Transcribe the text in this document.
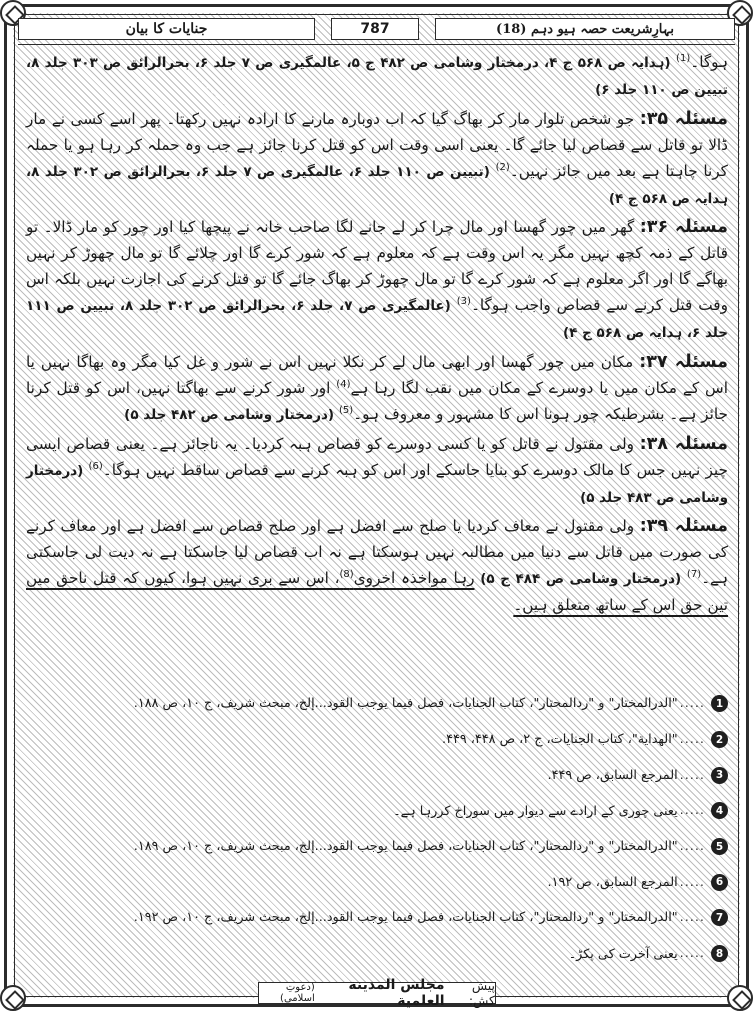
بہارِشریعت حصہ ہیو دہم (18)
787
جنایات کا بیان

ہوگا۔$^{(1)}$ (ہدایہ ص ۵۶۸ ج ۴، درمختار وشامی ص ۴۸۲ ج ۵، عالمگیری ص ۷ جلد ۶، بحرالرائق ص ۳۰۳ جلد ۸، تبیین ص ۱۱۰ جلد ۶)

مسئلہ ۳۵: جو شخص تلوار مار کر بھاگ گیا کہ اب دوبارہ مارنے کا ارادہ نہیں رکھتا۔ پھر اسے کسی نے مار ڈالا تو قاتل سے قصاص لیا جائے گا۔ یعنی اسی وقت اس کو قتل کرنا جائز ہے جب وہ حملہ کر رہا ہو یا حملہ کرنا چاہتا ہے بعد میں جائز نہیں۔$^{(2)}$ (تبیین ص ۱۱۰ جلد ۶، عالمگیری ص ۷ جلد ۶، بحرالرائق ص ۳۰۲ جلد ۸، ہدایہ ص ۵۶۸ ج ۴)

مسئلہ ۳۶: گھر میں چور گھسا اور مال چرا کر لے جانے لگا صاحب خانہ نے پیچھا کیا اور چور کو مار ڈالا۔ تو قاتل کے ذمہ کچھ نہیں مگر یہ اس وقت ہے کہ معلوم ہے کہ شور کرے گا اور چلائے گا تو مال چھوڑ کر نہیں بھاگے گا اور اگر معلوم ہے کہ شور کرے گا تو مال چھوڑ کر بھاگ جائے گا تو قتل کرنے کی اجازت نہیں بلکہ اس وقت قتل کرنے سے قصاص واجب ہوگا۔$^{(3)}$ (عالمگیری ص ۷، جلد ۶، بحرالرائق ص ۳۰۲ جلد ۸، تبیین ص ۱۱۱ جلد ۶، ہدایہ ص ۵۶۸ ج ۴)

مسئلہ ۳۷: مکان میں چور گھسا اور ابھی مال لے کر نکلا نہیں اس نے شور و غل کیا مگر وہ بھاگا نہیں یا اس کے مکان میں یا دوسرے کے مکان میں نقب لگا رہا ہے$^{(4)}$ اور شور کرنے سے بھاگتا نہیں، اس کو قتل کرنا جائز ہے۔ بشرطیکہ چور ہونا اس کا مشہور و معروف ہو۔$^{(5)}$ (درمختار وشامی ص ۴۸۲ جلد ۵)

مسئلہ ۳۸: ولی مقتول نے قاتل کو یا کسی دوسرے کو قصاص ہبہ کردیا۔ یہ ناجائز ہے۔ یعنی قصاص ایسی چیز نہیں جس کا مالک دوسرے کو بنایا جاسکے اور اس کو ہبہ کرنے سے قصاص ساقط نہیں ہوگا۔$^{(6)}$ (درمختار وشامی ص ۴۸۳ جلد ۵)

مسئلہ ۳۹: ولی مقتول نے معاف کردیا یا صلح سے افضل ہے اور صلح قصاص سے افضل ہے اور معاف کرنے کی صورت میں قاتل سے دنیا میں مطالبہ نہیں ہوسکتا ہے نہ اب قصاص لیا جاسکتا ہے نہ دیت لی جاسکتی ہے۔$^{(7)}$ (درمختار وشامی ص ۴۸۴ ج ۵) رہا مواخذہ اخروی$^{(8)}$، اس سے بری نہیں ہوا، کیوں کہ قتل ناحق میں تین حق اس کے ساتھ متعلق ہیں۔

1
.....
"الدرالمختار" و "ردالمحتار"، کتاب الجنایات، فصل فیما یوجب القود...إلخ، مبحث شریف، ج ۱۰، ص ۱۸۸.
2
.....
"الهداية"، كتاب الجنايات، ج ۲، ص ۴۴۸، ۴۴۹.
3
.....
المرجع السابق، ص ۴۴۹.
4
.....
یعنی چوری کے ارادے سے دیوار میں سوراخ کررہا ہے۔
5
.....
"الدرالمختار" و "ردالمحتار"، کتاب الجنایات، فصل فیما یوجب القود...إلخ، مبحث شریف، ج ۱۰، ص ۱۸۹.
6
.....
المرجع السابق، ص ۱۹۲.
7
.....
"الدرالمختار" و "ردالمحتار"، کتاب الجنایات، فصل فیما یوجب القود...إلخ، مبحث شریف، ج ۱۰، ص ۱۹۲.
8
.....
یعنی آخرت کی پکڑ۔
پیش کش:
مجلس المدينة العلمية
(دعوتِ اسلامی)
